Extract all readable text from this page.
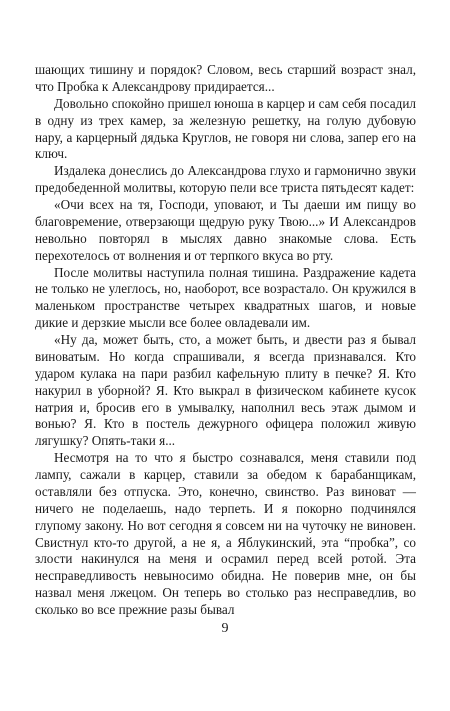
шающих тишину и порядок? Словом, весь старший возраст знал, что Пробка к Александрову придирается...

Довольно спокойно пришел юноша в карцер и сам себя посадил в одну из трех камер, за железную решетку, на голую дубовую нару, а карцерный дядька Круглов, не говоря ни слова, запер его на ключ.

Издалека донеслись до Александрова глухо и гармонично звуки предобеденной молитвы, которую пели все триста пятьдесят кадет:

«Очи всех на тя, Господи, уповают, и Ты даеши им пищу во благовремение, отверзающи щедрую руку Твою...» И Александров невольно повторял в мыслях давно знакомые слова. Есть перехотелось от волнения и от терпкого вкуса во рту.

После молитвы наступила полная тишина. Раздражение кадета не только не улеглось, но, наоборот, все возрастало. Он кружился в маленьком пространстве четырех квадратных шагов, и новые дикие и дерзкие мысли все более овладевали им.

«Ну да, может быть, сто, а может быть, и двести раз я бывал виноватым. Но когда спрашивали, я всегда признавался. Кто ударом кулака на пари разбил кафельную плиту в печке? Я. Кто накурил в уборной? Я. Кто выкрал в физическом кабинете кусок натрия и, бросив его в умывалку, наполнил весь этаж дымом и вонью? Я. Кто в постель дежурного офицера положил живую лягушку? Опять-таки я...

Несмотря на то что я быстро сознавался, меня ставили под лампу, сажали в карцер, ставили за обедом к барабанщикам, оставляли без отпуска. Это, конечно, свинство. Раз виноват — ничего не поделаешь, надо терпеть. И я покорно подчинялся глупому закону. Но вот сегодня я совсем ни на чуточку не виновен. Свистнул кто-то другой, а не я, а Яблукинский, эта “пробка”, со злости накинулся на меня и осрамил перед всей ротой. Эта несправедливость невыносимо обидна. Не поверив мне, он бы назвал меня лжецом. Он теперь во столько раз несправедлив, во сколько во все прежние разы бывал

9
